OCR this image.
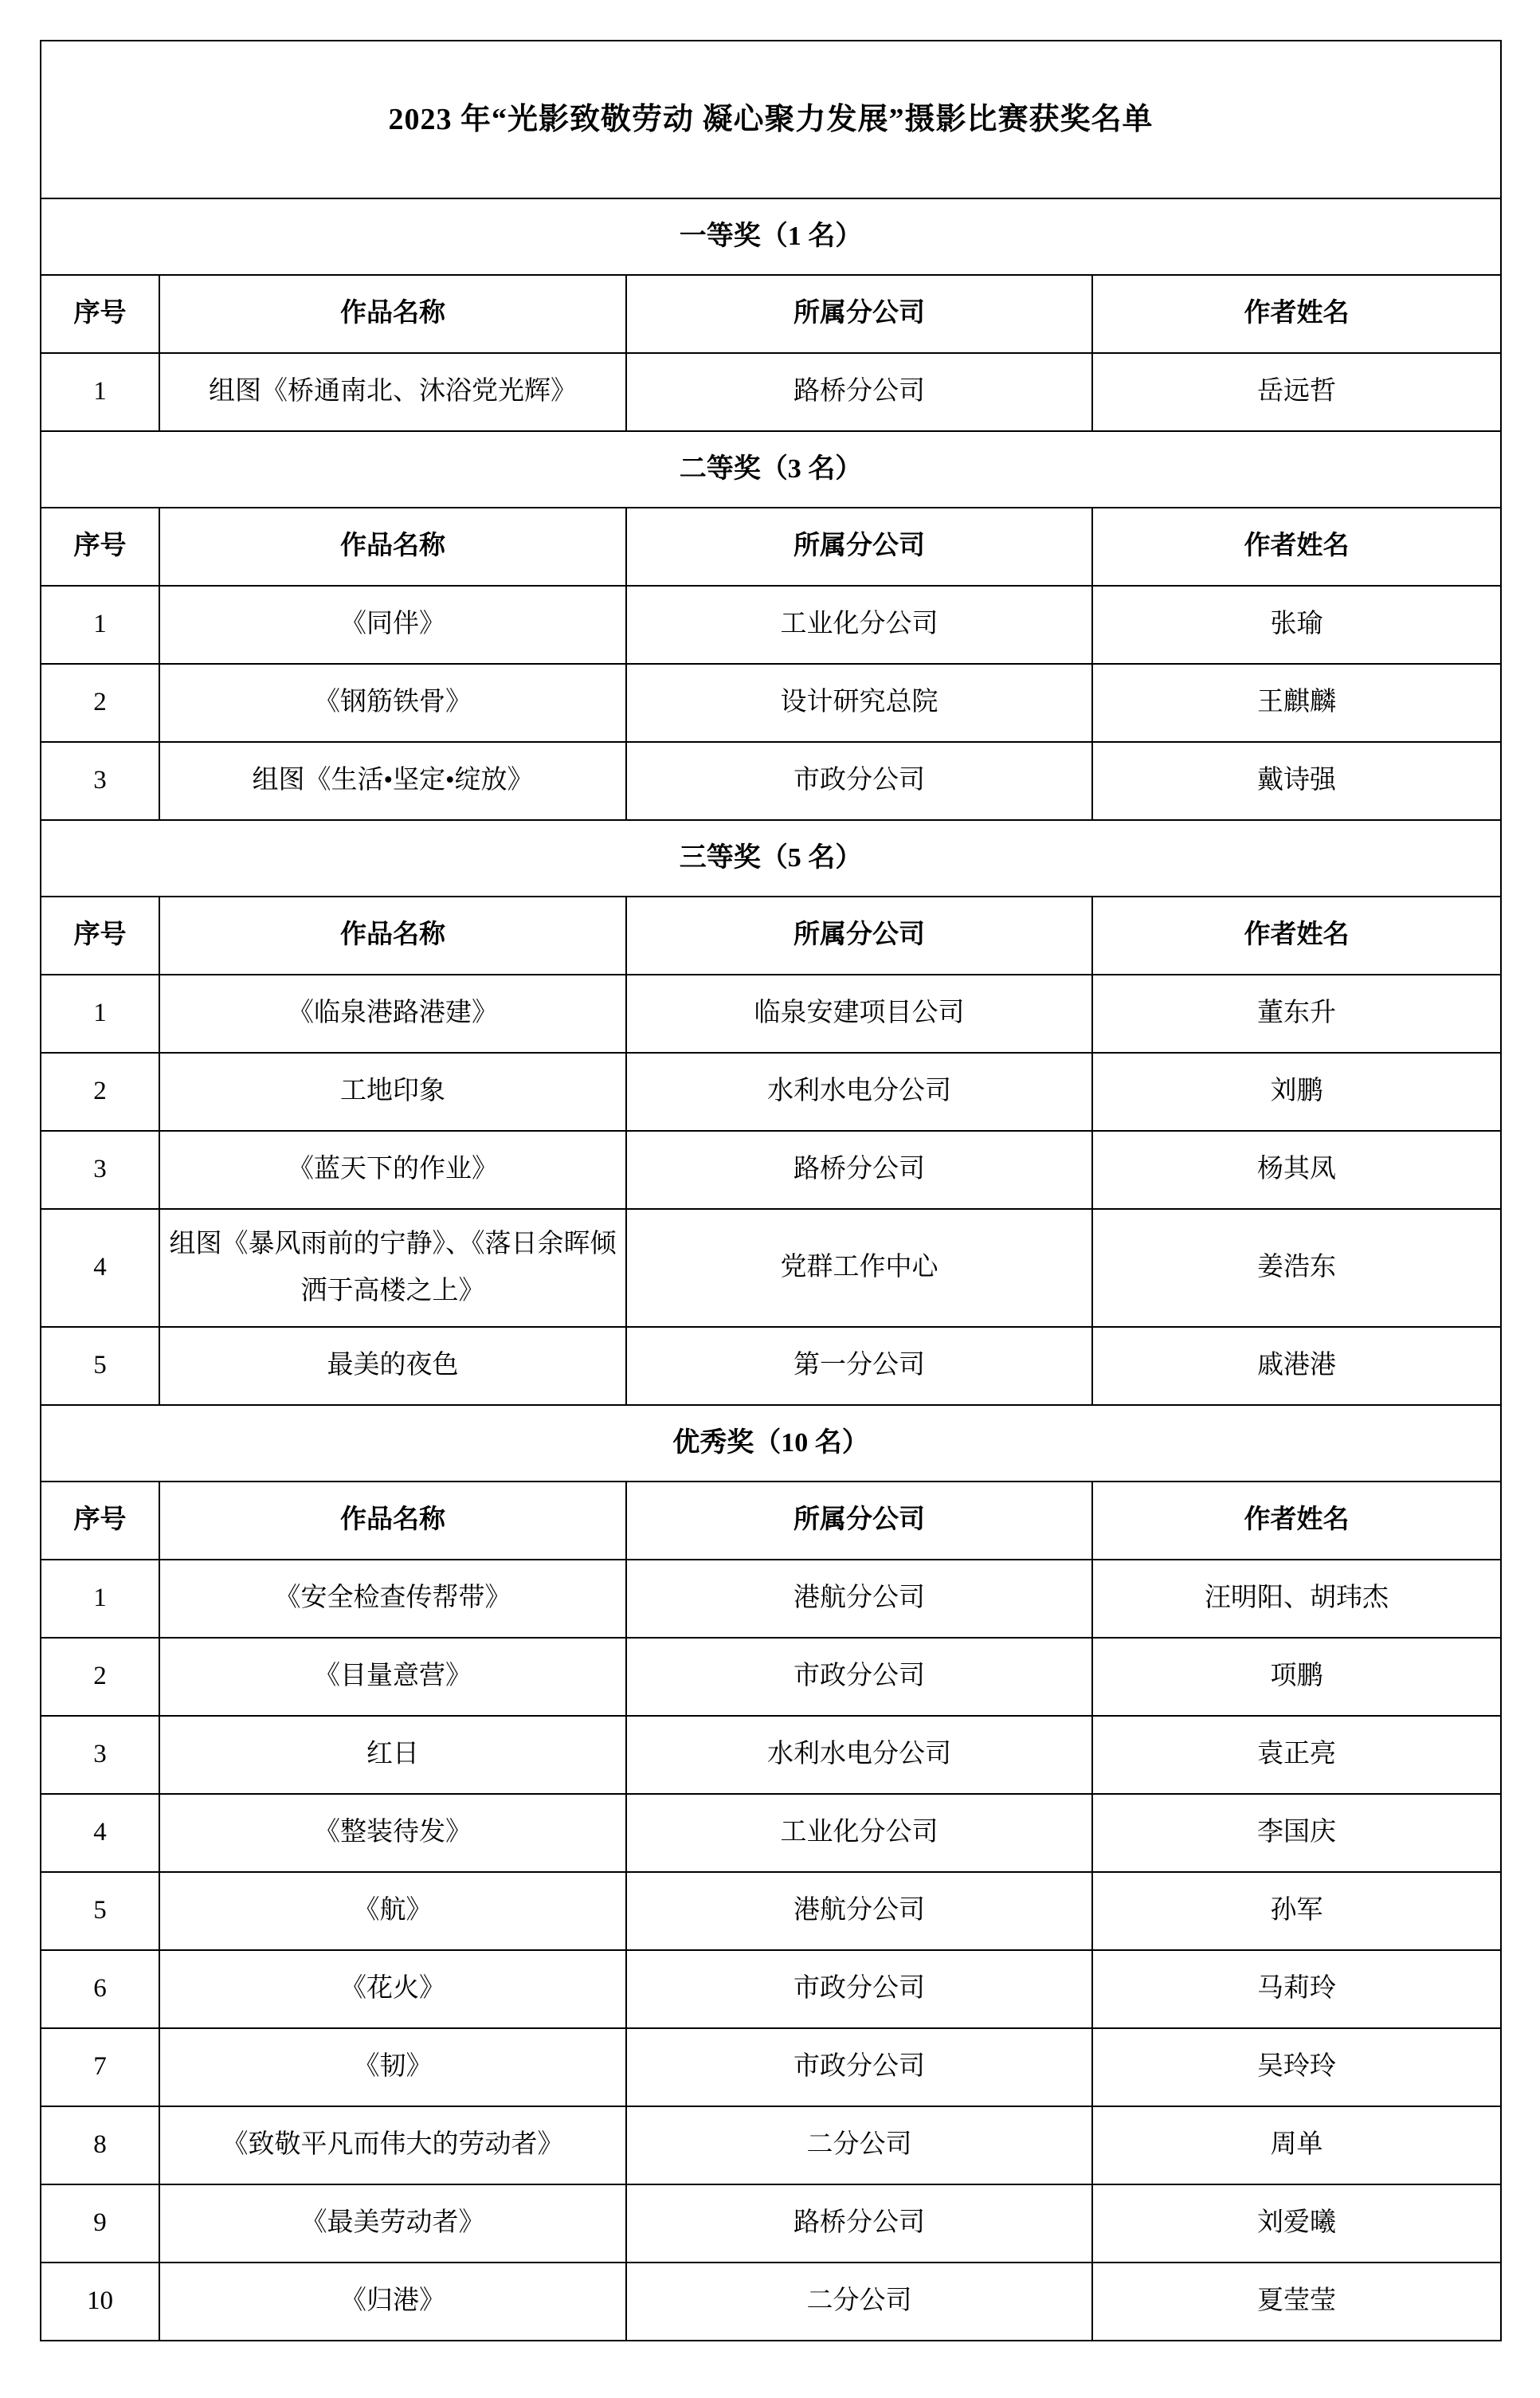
2023 年“光影致敬劳动 凝心聚力发展”摄影比赛获奖名单			
一等奖（1 名）			
序号	作品名称	所属分公司	作者姓名
1	组图《桥通南北、沐浴党光辉》	路桥分公司	岳远哲
二等奖（3 名）			
序号	作品名称	所属分公司	作者姓名
1	《同伴》	工业化分公司	张瑜
2	《钢筋铁骨》	设计研究总院	王麒麟
3	组图《生活•坚定•绽放》	市政分公司	戴诗强
三等奖（5 名）			
序号	作品名称	所属分公司	作者姓名
1	《临泉港路港建》	临泉安建项目公司	董东升
2	工地印象	水利水电分公司	刘鹏
3	《蓝天下的作业》	路桥分公司	杨其凤
4	组图《暴风雨前的宁静》、《落日余晖倾洒于高楼之上》	党群工作中心	姜浩东
5	最美的夜色	第一分公司	戚港港
优秀奖（10 名）			
序号	作品名称	所属分公司	作者姓名
1	《安全检查传帮带》	港航分公司	汪明阳、胡玮杰
2	《目量意营》	市政分公司	项鹏
3	红日	水利水电分公司	袁正亮
4	《整装待发》	工业化分公司	李国庆
5	《航》	港航分公司	孙军
6	《花火》	市政分公司	马莉玲
7	《韧》	市政分公司	吴玲玲
8	《致敬平凡而伟大的劳动者》	二分公司	周单
9	《最美劳动者》	路桥分公司	刘爱曦
10	《归港》	二分公司	夏莹莹
